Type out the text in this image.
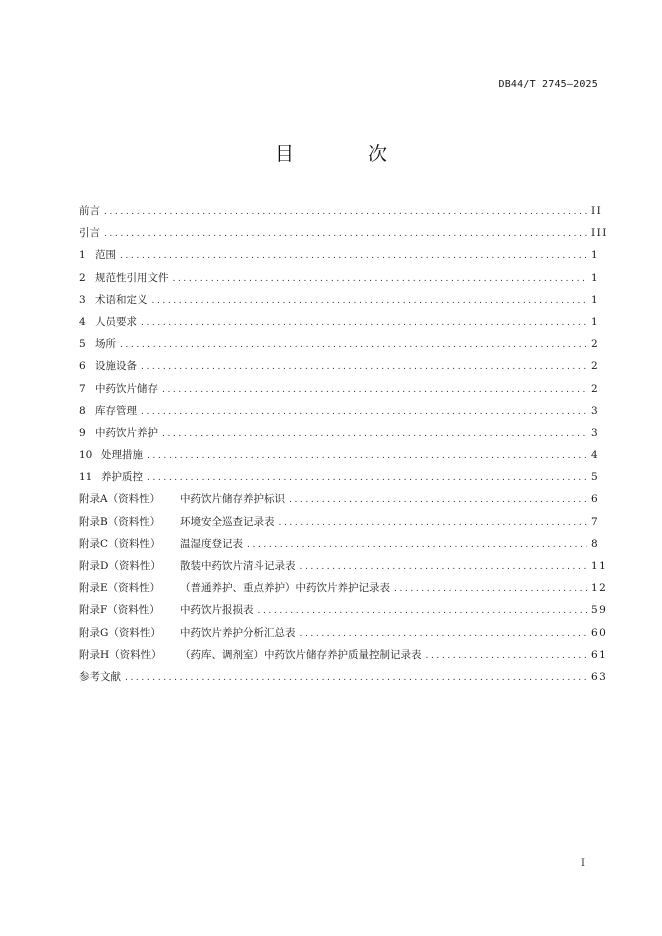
DB44/T 2745—2025
目 次
前言 .....	II
引言 .....	III
1 范围 .....	1
2 规范性引用文件 .....	1
3 术语和定义 .....	1
4 人员要求 .....	1
5 场所 .....	2
6 设施设备 .....	2
7 中药饮片储存 .....	2
8 库存管理 .....	3
9 中药饮片养护 .....	3
10 处理措施 .....	4
11 养护质控 .....	5
附录A（资料性）	中药饮片储存养护标识 .....	6
附录B（资料性）	环境安全巡查记录表 .....	7
附录C（资料性）	温湿度登记表 .....	8
附录D（资料性）	散装中药饮片清斗记录表 .....	11
附录E（资料性）	（普通养护、重点养护）中药饮片养护记录表 .....	12
附录F（资料性）	中药饮片报损表 .....	59
附录G（资料性）	中药饮片养护分析汇总表 .....	60
附录H（资料性）	（药库、调剂室）中药饮片储存养护质量控制记录表 .....	61
参考文献 .....	63
I
